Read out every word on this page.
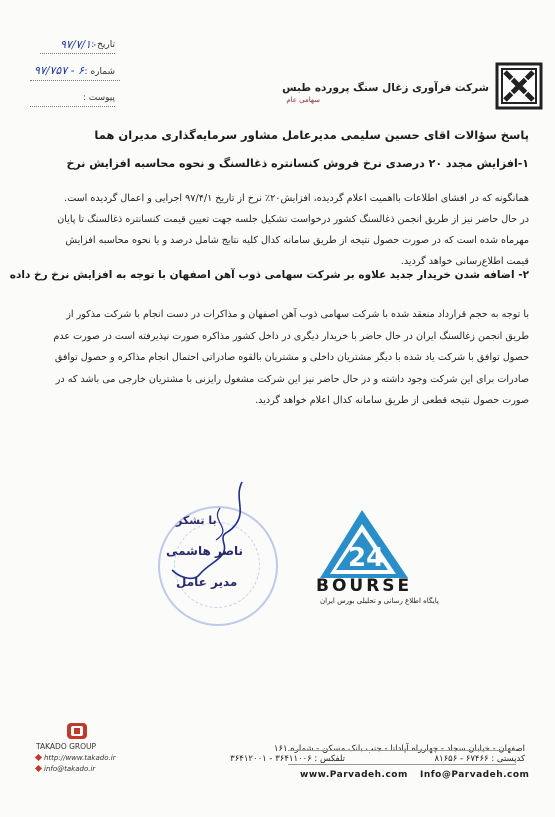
شرکت فرآوری زغال سنگ پرورده طبس
سهامی عام
تاریخ :
۹۷/۷/۱۰
شماره :
۹۷/۷۵۷ - ۶
پیوست :
پاسخ سؤالات اقای حسین سلیمی مدیرعامل مشاور سرمایه‌گذاری مدیران هما
۱-افزایش مجدد ۲۰ درصدی نرخ فروش کنسانتره ذغالسنگ و نحوه محاسبه افزایش نرخ

همانگونه که در افشای اطلاعات بااهمیت اعلام گردیده، افزایش۲۰٪ نرخ از تاریخ ۹۷/۴/۱ اجرایی و اعمال گردیده است.

در حال حاضر نیز از طریق انجمن ذغالسنگ کشور درخواست تشکیل جلسه جهت تعیین قیمت کنسانتره ذغالسنگ تا پایان

مهرماه شده است که در صورت حصول نتیجه از طریق سامانه کدال کلیه نتایج شامل درصد و یا نحوه محاسبه افزایش

قیمت اطلاع‌رسانی خواهد گردید.

۲- اضافه شدن خریدار جدید علاوه بر شرکت سهامی ذوب آهن اصفهان با توجه به افزایش نرخ رخ داده

با توجه به حجم قرارداد منعقد شده با شرکت سهامی ذوب آهن اصفهان و مذاکرات در دست انجام با شرکت مذکور از

طریق انجمن زغالسنگ ایران در حال حاضر با خریدار دیگری در داخل کشور مذاکره صورت نپذیرفته است در صورت عدم

حصول توافق با شرکت یاد شده با دیگر مشتریان داخلی و مشتریان بالقوه صادراتی احتمال انجام مذاکره و حصول توافق

صادرات برای این شرکت وجود داشته و در حال حاضر نیز این شرکت مشغول رایزنی با مشتریان خارجی می باشد که در

صورت حصول نتیجه قطعی از طریق سامانه کدال اعلام خواهد گردید.

با تشکر
ناصر هاشمی
مدیر عامل
24
BOURSE
پایگاه اطلاع رسانی و تحلیلی بورس ایران
TAKADO GROUP
http://www.takado.ir
info@takado.ir
اصفهان - خیابان سجاد - چهارراه آپادانا - جنب بانک مسکن - شماره ۱۶۱
کدپستی : ۶۷۴۶۶ - ۸۱۶۵۶
تلفکس : ۳۶۴۱۱۰۰۶ - ۳۶۴۱۲۰۰۱
www.Parvadeh.com Info@Parvadeh.com
